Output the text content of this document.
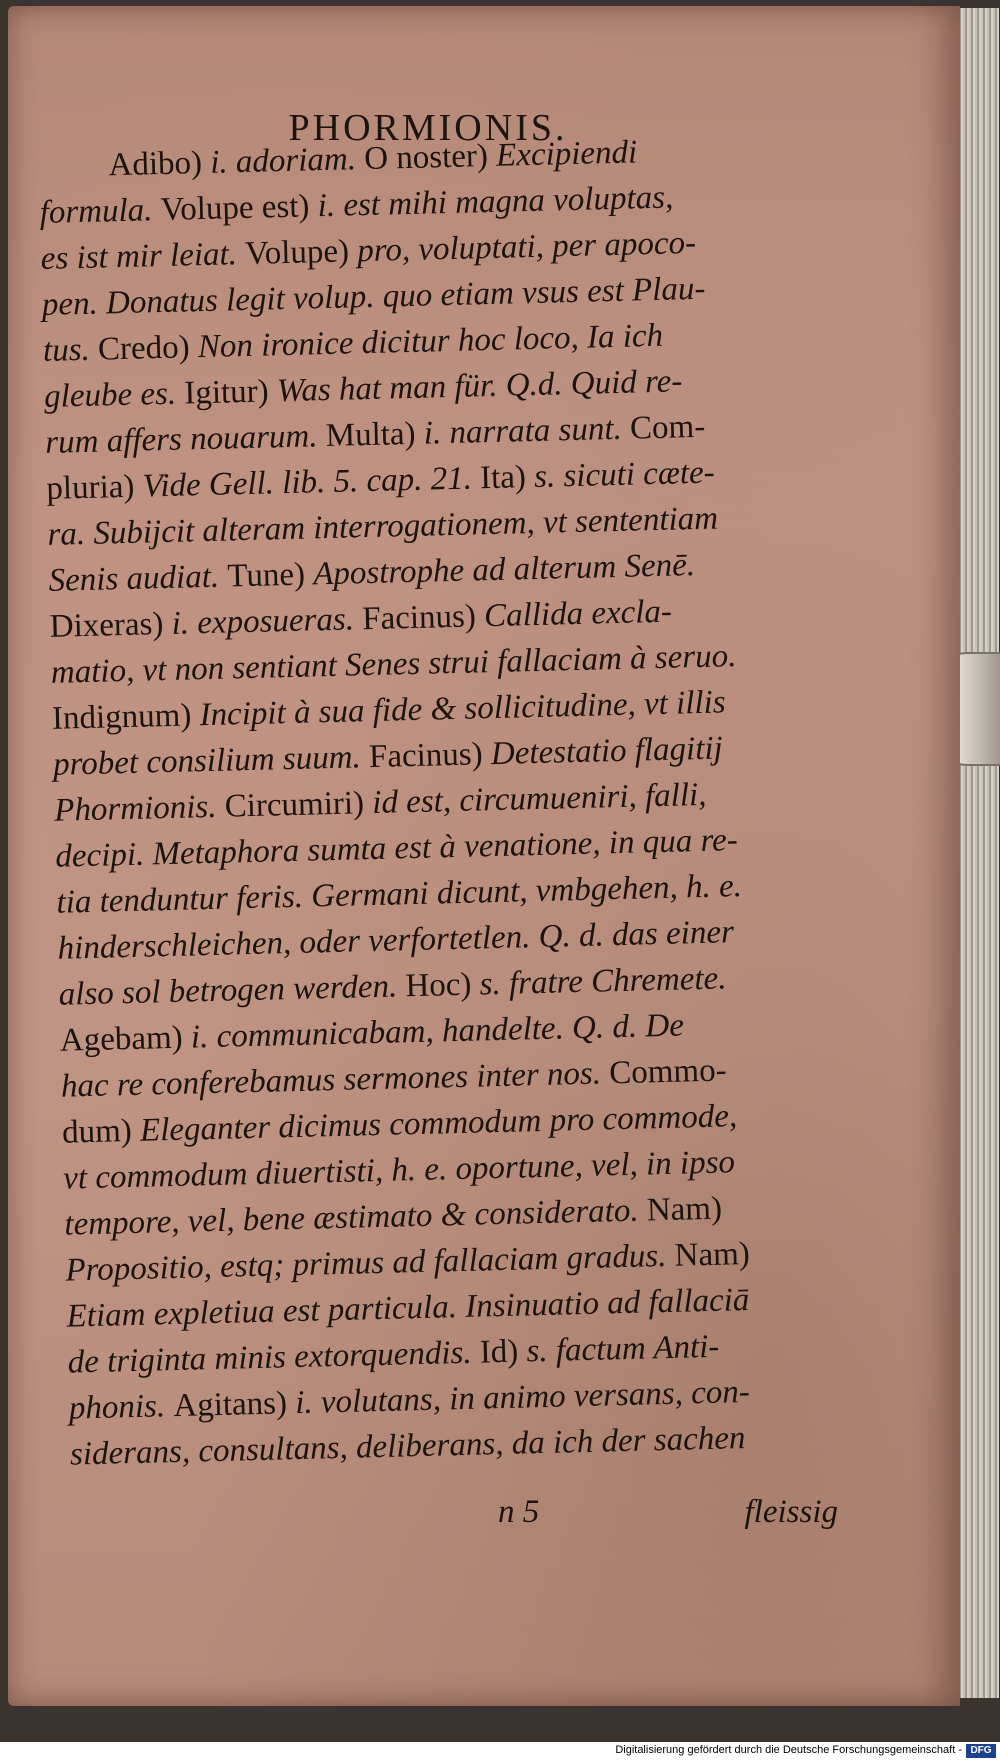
PHORMIONIS.
Adibo) i. adoriam. O noster) Excipiendi
formula. Volupe est) i. est mihi magna voluptas,
es ist mir leiat. Volupe) pro, voluptati, per apoco-
pen. Donatus legit volup. quo etiam vsus est Plau-
tus. Credo) Non ironice dicitur hoc loco, Ia ich
gleube es. Igitur) Was hat man für. Q.d. Quid re-
rum affers nouarum. Multa) i. narrata sunt. Com-
pluria) Vide Gell. lib. 5. cap. 21. Ita) s. sicuti cæte-
ra. Subijcit alteram interrogationem, vt sententiam
Senis audiat. Tune) Apostrophe ad alterum Senē.
Dixeras) i. exposueras. Facinus) Callida excla-
matio, vt non sentiant Senes strui fallaciam à seruo.
Indignum) Incipit à sua fide & sollicitudine, vt illis
probet consilium suum. Facinus) Detestatio flagitij
Phormionis. Circumiri) id est, circumueniri, falli,
decipi. Metaphora sumta est à venatione, in qua re-
tia tenduntur feris. Germani dicunt, vmbgehen, h. e.
hinderschleichen, oder verfortetlen. Q. d. das einer
also sol betrogen werden. Hoc) s. fratre Chremete.
Agebam) i. communicabam, handelte. Q. d. De
hac re conferebamus sermones inter nos. Commo-
dum) Eleganter dicimus commodum pro commode,
vt commodum diuertisti, h. e. oportune, vel, in ipso
tempore, vel, bene æstimato & considerato. Nam)
Propositio, estq; primus ad fallaciam gradus. Nam)
Etiam expletiua est particula. Insinuatio ad fallaciā
de triginta minis extorquendis. Id) s. factum Anti-
phonis. Agitans) i. volutans, in animo versans, con-
siderans, consultans, deliberans, da ich der sachen
n 5	fleissig
Digitalisierung gefördert durch die Deutsche Forschungsgemeinschaft - DFG
